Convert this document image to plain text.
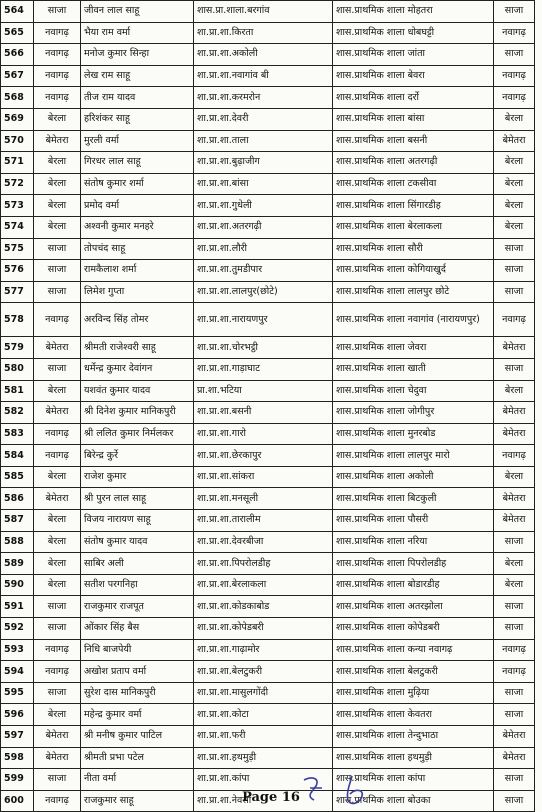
564	साजा	जीवन लाल साहू	शास.प्रा.शाला.बरगांव	शास.प्राथमिक शाला मोहतरा	साजा
565	नवागढ़	भैया राम वर्मा	शा.प्रा.शा.किरता	शास.प्राथमिक शाला धोबघट्टी	नवागढ़
566	नवागढ़	मनोज कुमार सिन्हा	शा.प्रा.शा.अकोली	शास.प्राथमिक शाला जांता	साजा
567	नवागढ़	लेख राम साहू	शा.प्रा.शा.नवागांव बी	शास.प्राथमिक शाला बेवरा	नवागढ़
568	नवागढ़	तीज राम यादव	शा.प्रा.शा.करमरोन	शास.प्राथमिक शाला दर्रो	नवागढ़
569	बेरला	हरिशंकर साहू	शा.प्रा.शा.देवरी	शास.प्राथमिक शाला बांसा	बेरला
570	बेमेतरा	मुरली वर्मा	शा.प्रा.शा.ताला	शास.प्राथमिक शाला बसनी	बेमेतरा
571	बेरला	गिरधर लाल साहू	शा.प्रा.शा.बुढ़ाजीग	शास.प्राथमिक शाला अतरगढ़ी	बेरला
572	बेरला	संतोष कुमार शर्मा	शा.प्रा.शा.बांसा	शास.प्राथमिक शाला टकसीवा	बेरला
573	बेरला	प्रमोद वर्मा	शा.प्रा.शा.गुधेली	शास.प्राथमिक शाला सिंगारडीह	बेरला
574	बेरला	अश्वनी कुमार मनहरे	शा.प्रा.शा.अतरगढ़ी	शास.प्राथमिक शाला बेरलाकला	बेरला
575	साजा	तोपचंद साहू	शा.प्रा.शा.लौरी	शास.प्राथमिक शाला सौरी	साजा
576	साजा	रामकैलाश शर्मा	शा.प्रा.शा.तुमडीपार	शास.प्राथमिक शाला कोगियाखुर्द	साजा
577	साजा	लिमेश गुप्ता	शा.प्रा.शा.लालपुर(छोटे)	शास.प्राथमिक शाला लालपुर छोटे	साजा
578	नवागढ़	अरविन्द सिंह तोमर	शा.प्रा.शा.नारायणपुर	शास.प्राथमिक शाला नवागांव (नारायणपुर)	नवागढ़
579	बेमेतरा	श्रीमती राजेश्वरी साहू	शा.प्रा.शा.चोरभट्ठी	शास.प्राथमिक शाला जेवरा	बेमेतरा
580	साजा	धर्मेन्द्र कुमार देवांगन	शा.प्रा.शा.गाड़ाघाट	शास.प्राथमिक शाला खाती	साजा
581	बेरला	यशवंत कुमार यादव	प्रा.शा.भटिया	शास.प्राथमिक शाला चेदुवा	बेरला
582	बेमेतरा	श्री दिनेश कुमार मानिकपुरी	शा.प्रा.शा.बसनी	शास.प्राथमिक शाला जोगीपुर	बेमेतरा
583	नवागढ़	श्री ललित कुमार निर्मलकर	शा.प्रा.शा.गारो	शास.प्राथमिक शाला मुनरबोड	बेमेतरा
584	नवागढ़	बिरेन्द्र कुर्रे	शा.प्रा.शा.छेरकापुर	शास.प्राथमिक शाला लालपुर मारो	नवागढ़
585	बेरला	राजेश कुमार	शा.प्रा.शा.सांकरा	शास.प्राथमिक शाला अकोली	बेरला
586	बेमेतरा	श्री पुरन लाल साहू	शा.प्रा.शा.मनसूली	शास.प्राथमिक शाला बिटकुली	बेमेतरा
587	बेरला	विजय नारायण साहू	शा.प्रा.शा.तारालीम	शास.प्राथमिक शाला पौसरी	बेमेतरा
588	बेरला	संतोष कुमार यादव	शा.प्रा.शा.देवरबीजा	शास.प्राथमिक शाला नरिया	साजा
589	बेरला	साबिर अली	शा.प्रा.शा.पिपरोलडीह	शास.प्राथमिक शाला पिपरोलडीह	बेरला
590	बेरला	सतीश परगनिहा	शा.प्रा.शा.बेरलाकला	शास.प्राथमिक शाला बोडारडीह	बेरला
591	साजा	राजकुमार राजपूत	शा.प्रा.शा.कोडकाबोड	शास.प्राथमिक शाला अतरझोला	साजा
592	साजा	ओंकार सिंह बैस	शा.प्रा.शा.कोपेडबरी	शास.प्राथमिक शाला कोपेडबरी	साजा
593	नवागढ़	निधि बाजपेयी	शा.प्रा.शा.गाढ़ामोर	शास.प्राथमिक शाला कन्या नवागढ़	नवागढ़
594	नवागढ़	अखोश प्रताप वर्मा	शा.प्रा.शा.बेलटुकरी	शास.प्राथमिक शाला बेलटुकरी	नवागढ़
595	साजा	सुरेश दास मानिकपुरी	शा.प्रा.शा.मासुलगोंदी	शास.प्राथमिक शाला मुढ़िया	साजा
596	बेरला	महेन्द्र कुमार वर्मा	शा.प्रा.शा.कोटा	शास.प्राथमिक शाला केवतरा	साजा
597	बेमेतरा	श्री मनीष कुमार पाटिल	शा.प्रा.शा.फरी	शास.प्राथमिक शाला तेन्दुभाठा	बेमेतरा
598	बेमेतरा	श्रीमती प्रभा पटेल	शा.प्रा.शा.हथमुड़ी	शास.प्राथमिक शाला हथमुड़ी	बेमेतरा
599	साजा	नीता वर्मा	शा.प्रा.शा.कांपा	शास.प्राथमिक शाला कांपा	साजा
600	नवागढ़	राजकुमार साहू	शा.प्रा.शा.नेवसा	शास.प्राथमिक शाला बोउका	साजा
Page 16
